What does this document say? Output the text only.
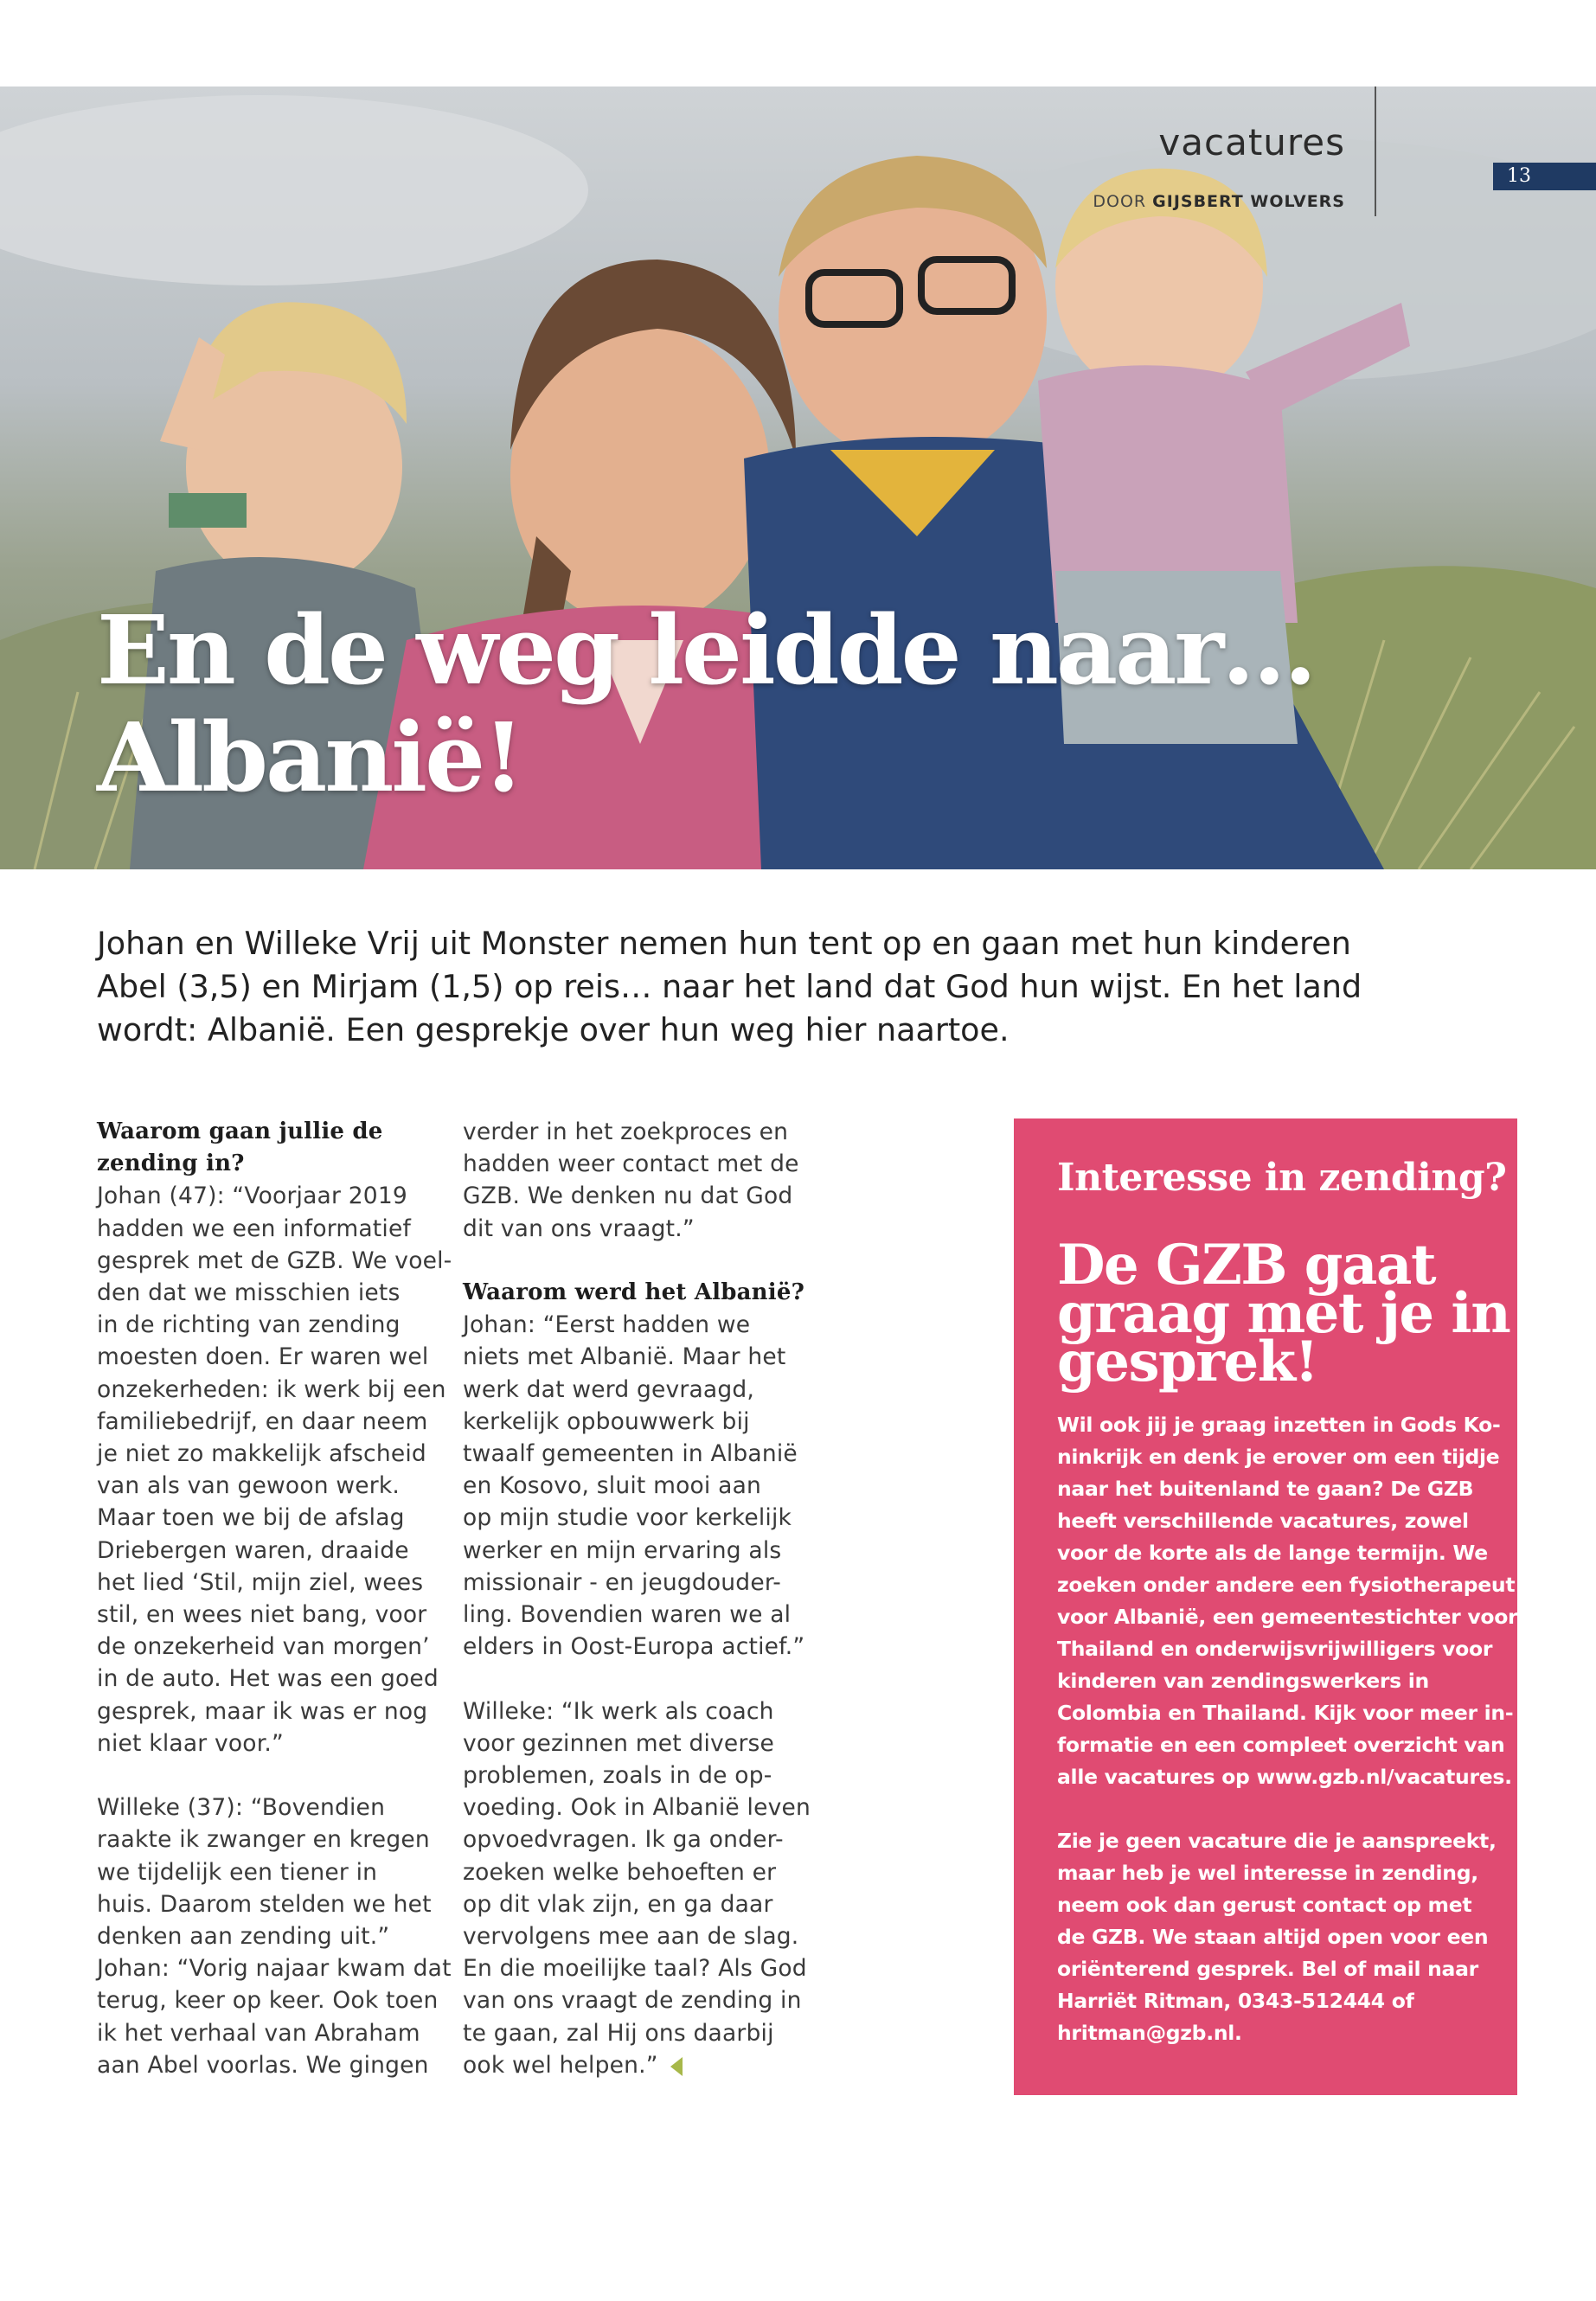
vacatures
DOOR GIJSBERT WOLVERS
13
En de weg leidde naar…
Albanië!
Johan en Willeke Vrij uit Monster nemen hun tent op en gaan met hun kinderen Abel (3,5) en Mirjam (1,5) op reis… naar het land dat God hun wijst. En het land wordt: Albanië. Een gesprekje over hun weg hier naartoe.
Waarom gaan jullie de
zending in?
Johan (47): “Voorjaar 2019
hadden we een informatief
gesprek met de GZB. We voel-
den dat we misschien iets
in de richting van zending
moesten doen. Er waren wel
onzekerheden: ik werk bij een
familiebedrijf, en daar neem
je niet zo makkelijk afscheid
van als van gewoon werk.
Maar toen we bij de afslag
Driebergen waren, draaide
het lied ‘Stil, mijn ziel, wees
stil, en wees niet bang, voor
de onzekerheid van morgen’
in de auto. Het was een goed
gesprek, maar ik was er nog
niet klaar voor.”
Willeke (37): “Bovendien
raakte ik zwanger en kregen
we tijdelijk een tiener in
huis. Daarom stelden we het
denken aan zending uit.”
Johan: “Vorig najaar kwam dat
terug, keer op keer. Ook toen
ik het verhaal van Abraham
aan Abel voorlas. We gingen
verder in het zoekproces en
hadden weer contact met de
GZB. We denken nu dat God
dit van ons vraagt.”
Waarom werd het Albanië?
Johan: “Eerst hadden we
niets met Albanië. Maar het
werk dat werd gevraagd,
kerkelijk opbouwwerk bij
twaalf gemeenten in Albanië
en Kosovo, sluit mooi aan
op mijn studie voor kerkelijk
werker en mijn ervaring als
missionair - en jeugdouder-
ling. Bovendien waren we al
elders in Oost-Europa actief.”
Willeke: “Ik werk als coach
voor gezinnen met diverse
problemen, zoals in de op-
voeding. Ook in Albanië leven
opvoedvragen. Ik ga onder-
zoeken welke behoeften er
op dit vlak zijn, en ga daar
vervolgens mee aan de slag.
En die moeilijke taal? Als God
van ons vraagt de zending in
te gaan, zal Hij ons daarbij
ook wel helpen.”
Interesse in zending?
De GZB gaat
graag met je in
gesprek!
Wil ook jij je graag inzetten in Gods Ko-
ninkrijk en denk je erover om een tijdje
naar het buitenland te gaan? De GZB
heeft verschillende vacatures, zowel
voor de korte als de lange termijn. We
zoeken onder andere een fysiotherapeut
voor Albanië, een gemeentestichter voor
Thailand en onderwijsvrijwilligers voor
kinderen van zendingswerkers in
Colombia en Thailand. Kijk voor meer in-
formatie en een compleet overzicht van
alle vacatures op www.gzb.nl/vacatures.
Zie je geen vacature die je aanspreekt,
maar heb je wel interesse in zending,
neem ook dan gerust contact op met
de GZB. We staan altijd open voor een
oriënterend gesprek. Bel of mail naar
Harriët Ritman, 0343-512444 of
hritman@gzb.nl.
